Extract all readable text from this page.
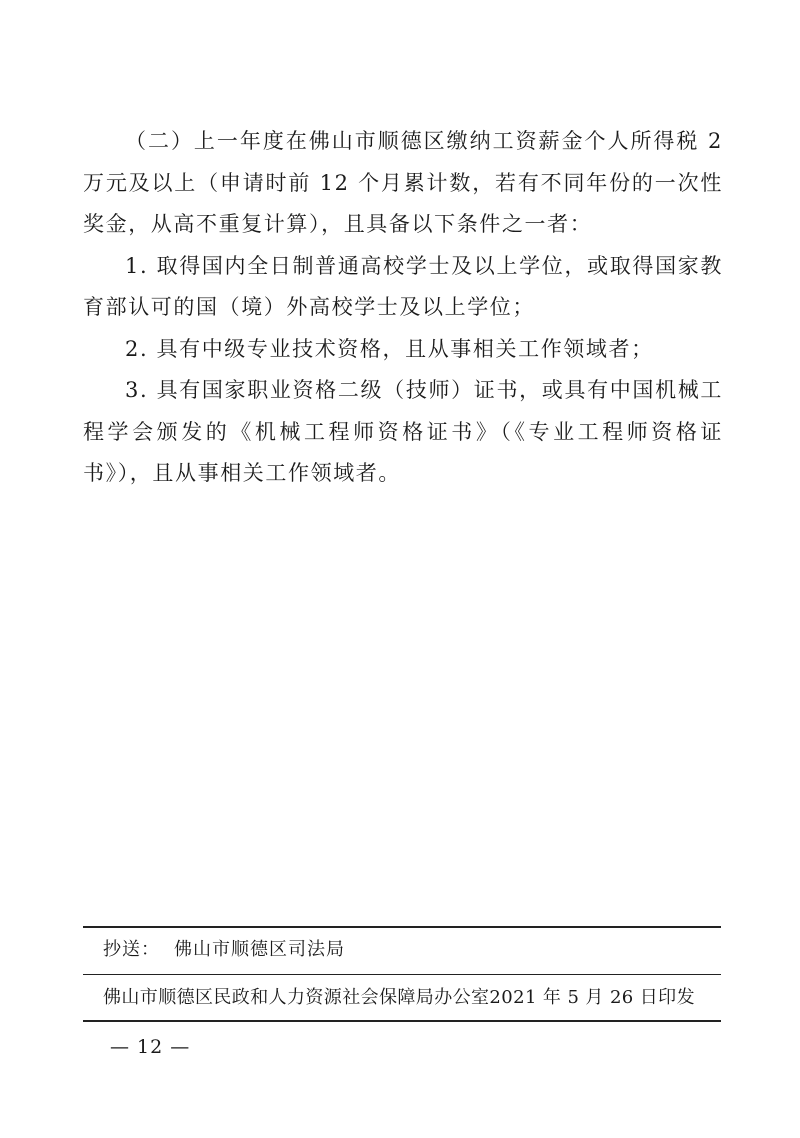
（二）上一年度在佛山市顺德区缴纳工资薪金个人所得税 2 万元及以上（申请时前 12 个月累计数，若有不同年份的一次性奖金，从高不重复计算），且具备以下条件之一者：

1. 取得国内全日制普通高校学士及以上学位，或取得国家教育部认可的国（境）外高校学士及以上学位；

2. 具有中级专业技术资格，且从事相关工作领域者；

3. 具有国家职业资格二级（技师）证书，或具有中国机械工程学会颁发的《机械工程师资格证书》（《专业工程师资格证书》），且从事相关工作领域者。

抄送： 佛山市顺德区司法局
佛山市顺德区民政和人力资源社会保障局办公室2021 年 5 月 26 日印发
— 12 —
